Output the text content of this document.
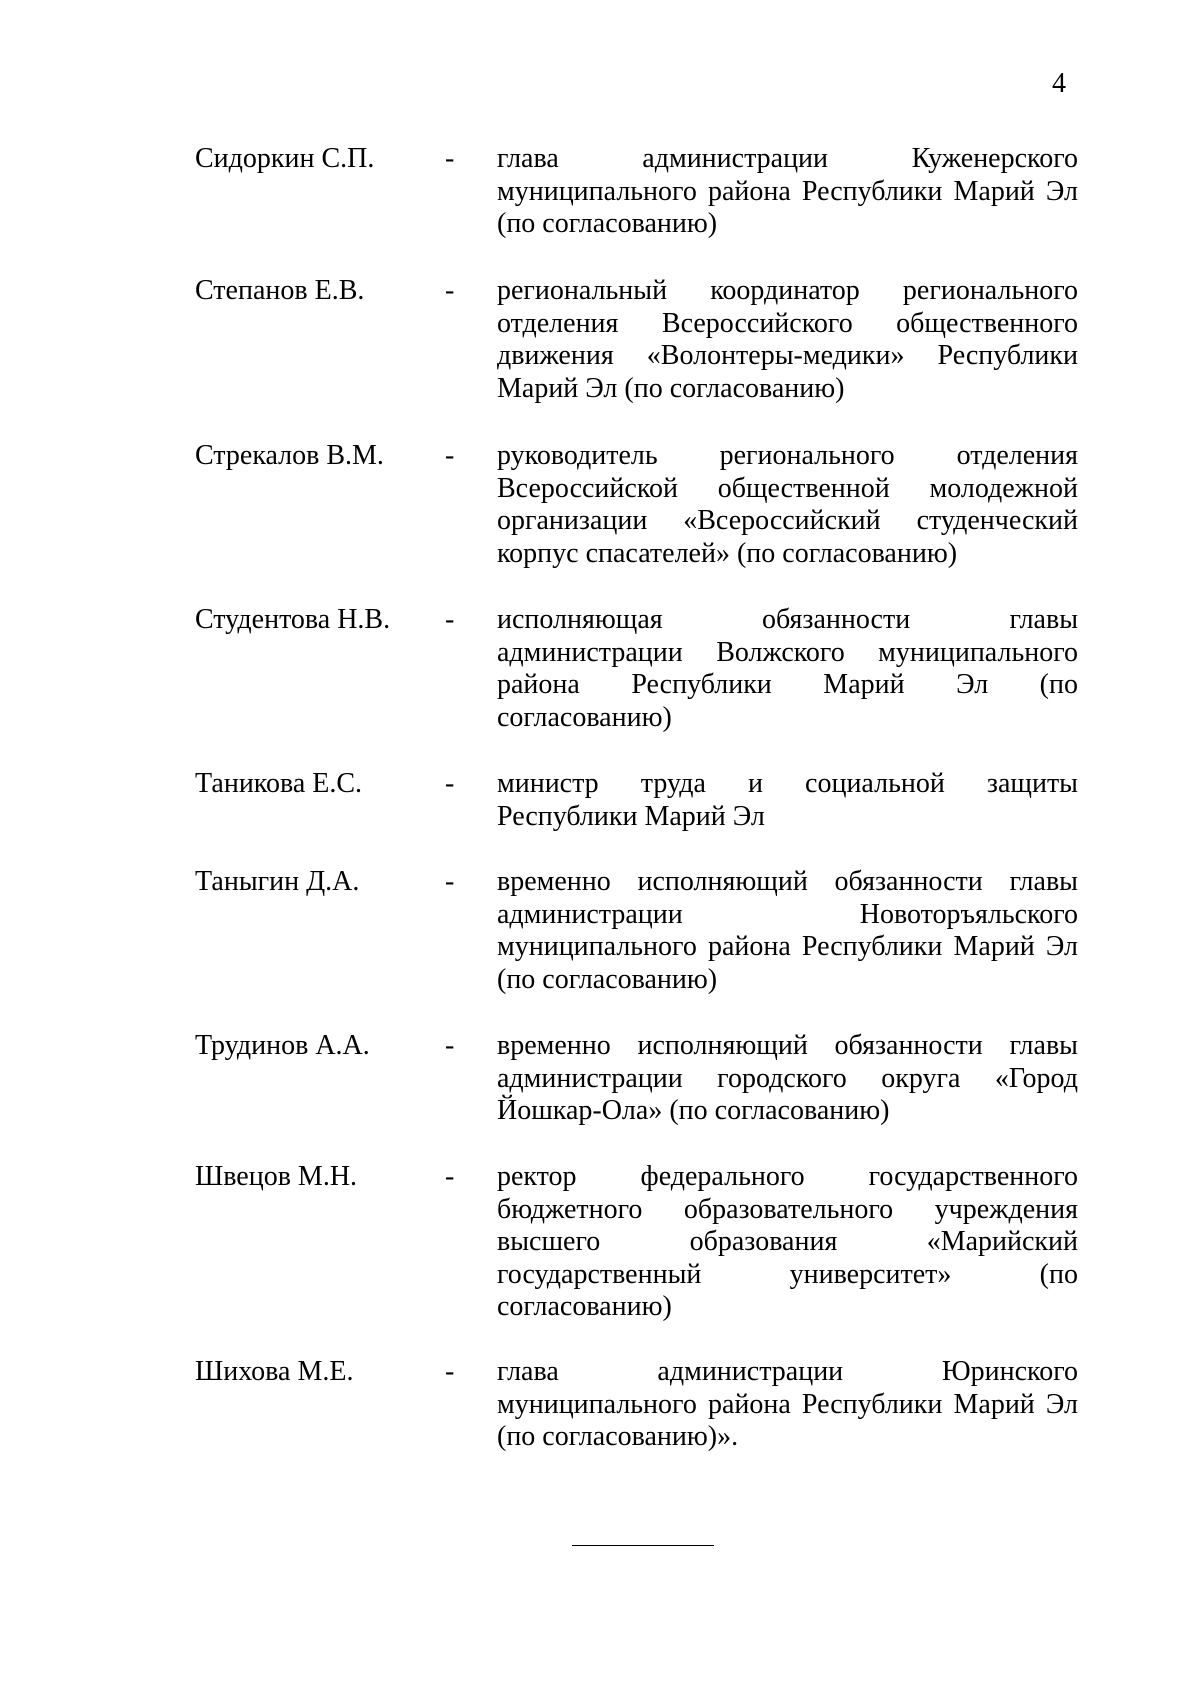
4
Сидоркин С.П.	- глава администрации Куженерского муниципального района Республики Марий Эл (по согласованию)
Степанов Е.В.	- региональный координатор регионального отделения Всероссийского общественного движения «Волонтеры-медики» Республики Марий Эл (по согласованию)
Стрекалов В.М. - руководитель регионального отделения Всероссийской общественной молодежной организации «Всероссийский студенческий корпус спасателей» (по согласованию)
Студентова Н.В. - исполняющая обязанности главы администрации Волжского муниципального района Республики Марий Эл (по согласованию)
Таникова Е.С.	- министр труда и социальной защиты Республики Марий Эл
Таныгин Д.А.	- временно исполняющий обязанности главы администрации Новоторъяльского муниципального района Республики Марий Эл (по согласованию)
Трудинов А.А.	- временно исполняющий обязанности главы администрации городского округа «Город Йошкар-Ола» (по согласованию)
Швецов М.Н.	- ректор федерального государственного бюджетного образовательного учреждения высшего образования «Марийский государственный университет» (по согласованию)
Шихова М.Е.	- глава администрации Юринского муниципального района Республики Марий Эл (по согласованию)».
